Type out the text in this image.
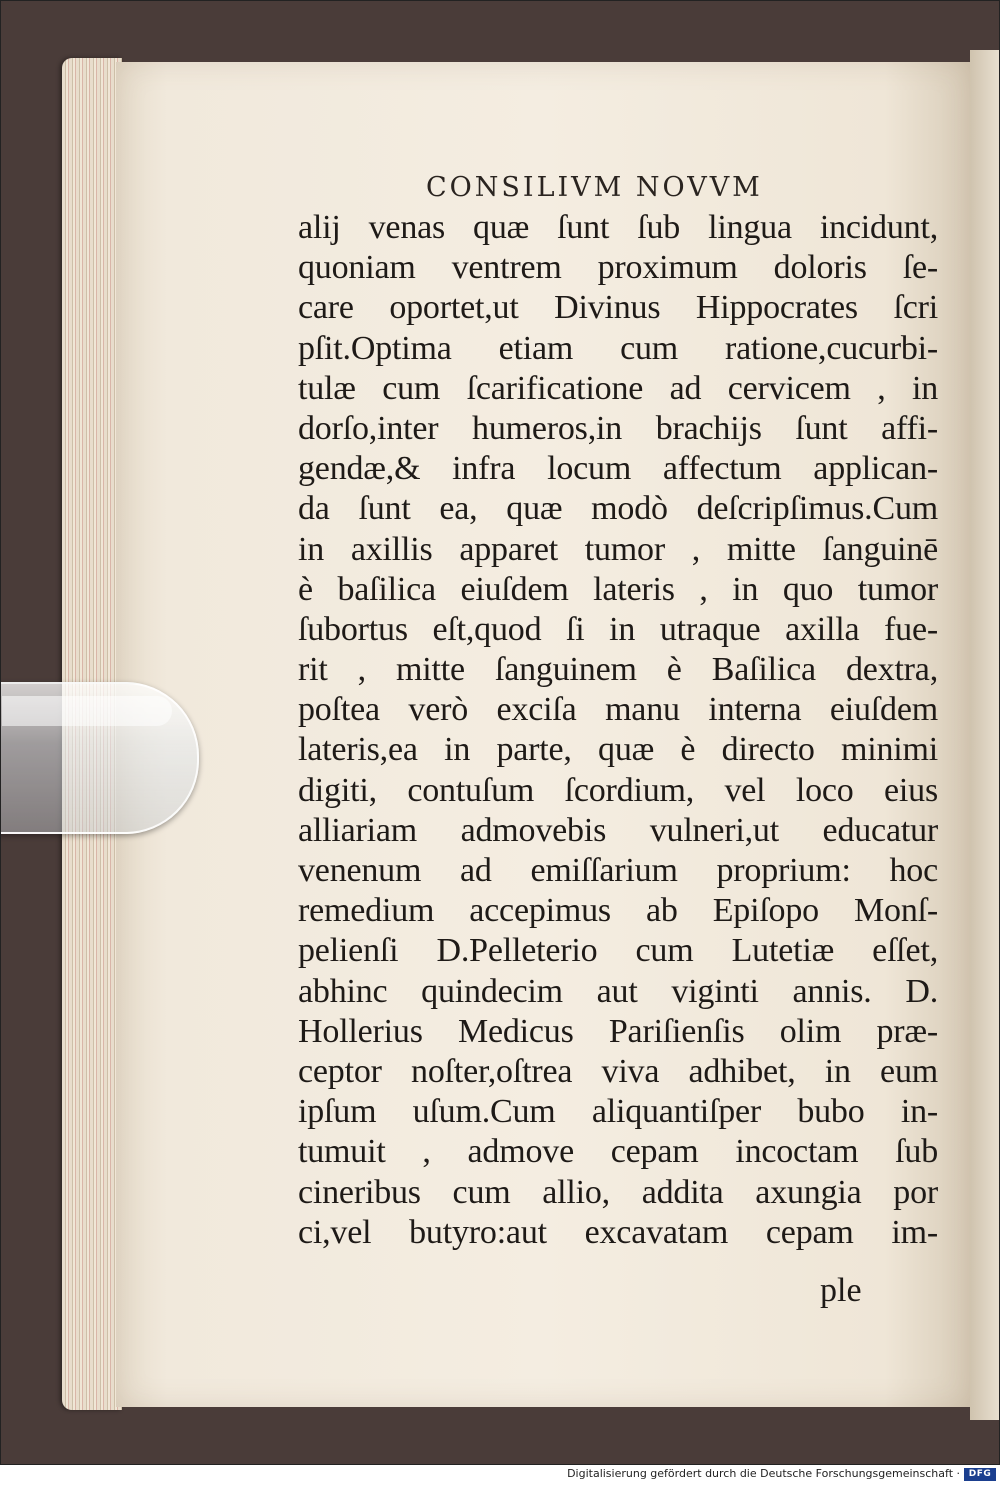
CONSILIVM NOVVM
alij venas quæ ſunt ſub lingua incidunt,
quoniam ventrem proximum doloris ſe-
care oportet,ut Divinus Hippocrates ſcri
pſit.Optima etiam cum ratione,cucurbi-
tulæ cum ſcarificatione ad cervicem , in
dorſo,inter humeros,in brachijs ſunt affi-
gendæ,& infra locum affectum applican-
da ſunt ea, quæ modò deſcripſimus.Cum
in axillis apparet tumor , mitte ſanguinē
è baſilica eiuſdem lateris , in quo tumor
ſubortus eſt,quod ſi in utraque axilla fue-
rit , mitte ſanguinem è Baſilica dextra,
poſtea verò exciſa manu interna eiuſdem
lateris,ea in parte, quæ è directo minimi
digiti, contuſum ſcordium, vel loco eius
alliariam admovebis vulneri,ut educatur
venenum ad emiſſarium proprium: hoc
remedium accepimus ab Epiſopo Monſ-
pelienſi D.Pelleterio cum Lutetiæ eſſet,
abhinc quindecim aut viginti annis. D.
Hollerius Medicus Pariſienſis olim præ-
ceptor noſter,oſtrea viva adhibet, in eum
ipſum uſum.Cum aliquantiſper bubo in-
tumuit , admove cepam incoctam ſub
cineribus cum allio, addita axungia por
ci,vel butyro:aut excavatam cepam im-
ple
Digitalisierung gefördert durch die Deutsche Forschungsgemeinschaft · DFG
